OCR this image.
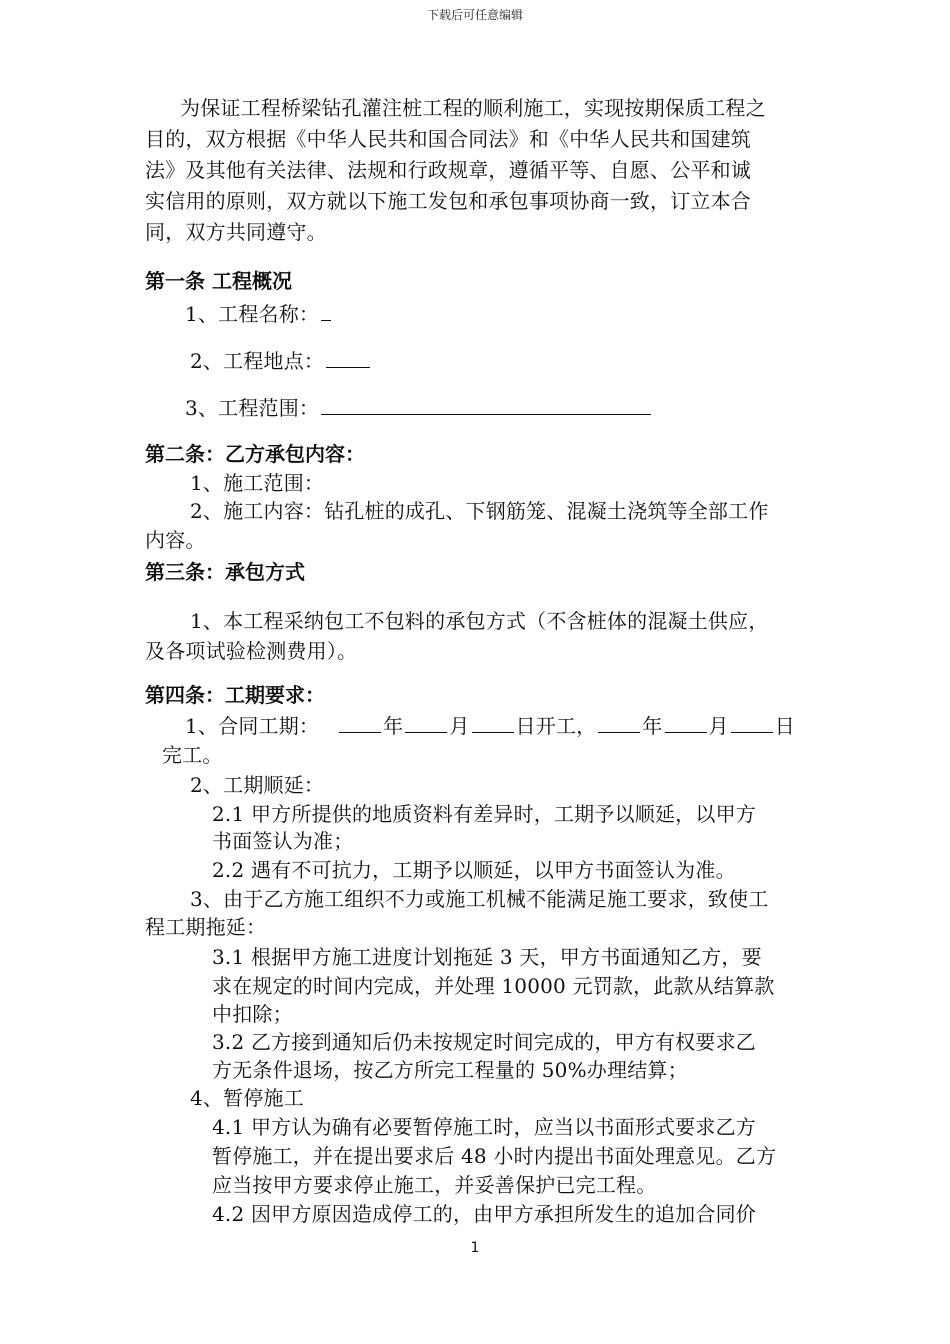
下载后可任意编辑
为保证工程桥梁钻孔灌注桩工程的顺利施工，实现按期保质工程之
目的，双方根据《中华人民共和国合同法》和《中华人民共和国建筑
法》及其他有关法律、法规和行政规章，遵循平等、自愿、公平和诚
实信用的原则，双方就以下施工发包和承包事项协商一致，订立本合
同，双方共同遵守。
第一条 工程概况
1、工程名称：
2、工程地点：
3、工程范围：
第二条：乙方承包内容：
1、施工范围：
2、施工内容：钻孔桩的成孔、下钢筋笼、混凝土浇筑等全部工作
内容。
第三条：承包方式
1、本工程采纳包工不包料的承包方式（不含桩体的混凝土供应，
及各项试验检测费用）。
第四条：工期要求：
1、合同工期：	年 月 日开工， 年 月 日
完工。
2、工期顺延：
2.1 甲方所提供的地质资料有差异时，工期予以顺延，以甲方
书面签认为准；
2.2 遇有不可抗力，工期予以顺延，以甲方书面签认为准。
3、由于乙方施工组织不力或施工机械不能满足施工要求，致使工
程工期拖延：
3.1 根据甲方施工进度计划拖延 3 天，甲方书面通知乙方，要
求在规定的时间内完成，并处理 10000 元罚款，此款从结算款
中扣除；
3.2 乙方接到通知后仍未按规定时间完成的，甲方有权要求乙
方无条件退场，按乙方所完工程量的 50%办理结算；
4、暂停施工
4.1 甲方认为确有必要暂停施工时，应当以书面形式要求乙方
暂停施工，并在提出要求后 48 小时内提出书面处理意见。乙方
应当按甲方要求停止施工，并妥善保护已完工程。
4.2 因甲方原因造成停工的，由甲方承担所发生的追加合同价
1
